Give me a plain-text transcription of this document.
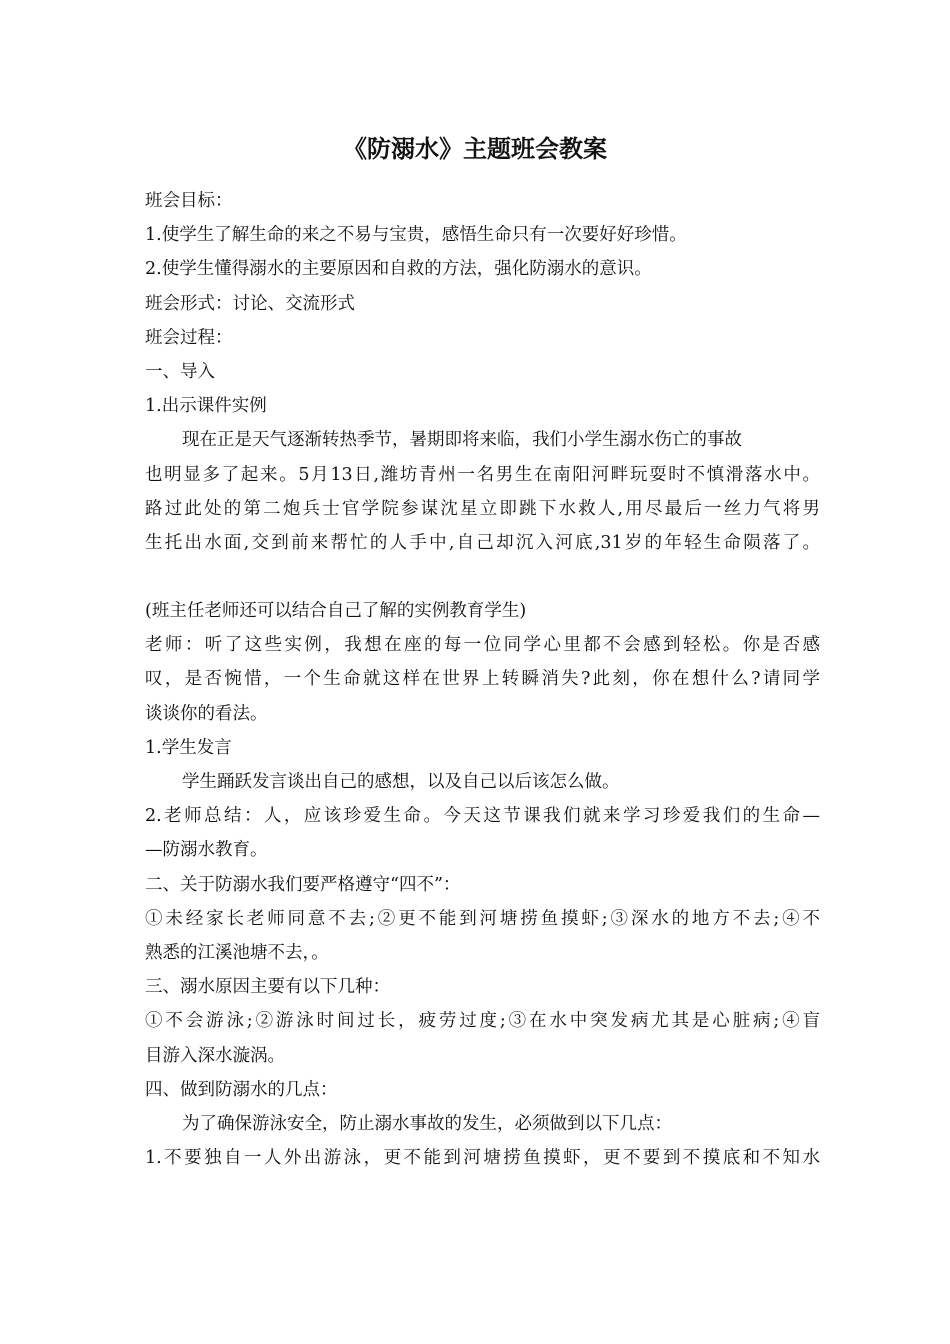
《防溺水》主题班会教案
班会目标：
1.使学生了解生命的来之不易与宝贵，感悟生命只有一次要好好珍惜。
2.使学生懂得溺水的主要原因和自救的方法，强化防溺水的意识。
班会形式：讨论、交流形式
班会过程：
一、导入
1.出示课件实例
现在正是天气逐渐转热季节，暑期即将来临，我们小学生溺水伤亡的事故
也明显多了起来。5月13日,潍坊青州一名男生在南阳河畔玩耍时不慎滑落水中。
路过此处的第二炮兵士官学院参谋沈星立即跳下水救人,用尽最后一丝力气将男
生托出水面,交到前来帮忙的人手中,自己却沉入河底,31岁的年轻生命陨落了。
(班主任老师还可以结合自己了解的实例教育学生)
老师：听了这些实例，我想在座的每一位同学心里都不会感到轻松。你是否感
叹，是否惋惜，一个生命就这样在世界上转瞬消失?此刻，你在想什么?请同学
谈谈你的看法。
1.学生发言
学生踊跃发言谈出自己的感想，以及自己以后该怎么做。
2.老师总结：人，应该珍爱生命。今天这节课我们就来学习珍爱我们的生命—
—防溺水教育。
二、关于防溺水我们要严格遵守“四不”：
①未经家长老师同意不去;②更不能到河塘捞鱼摸虾;③深水的地方不去;④不
熟悉的江溪池塘不去，。
三、溺水原因主要有以下几种：
①不会游泳;②游泳时间过长，疲劳过度;③在水中突发病尤其是心脏病;④盲
目游入深水漩涡。
四、做到防溺水的几点：
为了确保游泳安全，防止溺水事故的发生，必须做到以下几点：
1.不要独自一人外出游泳，更不能到河塘捞鱼摸虾，更不要到不摸底和不知水
